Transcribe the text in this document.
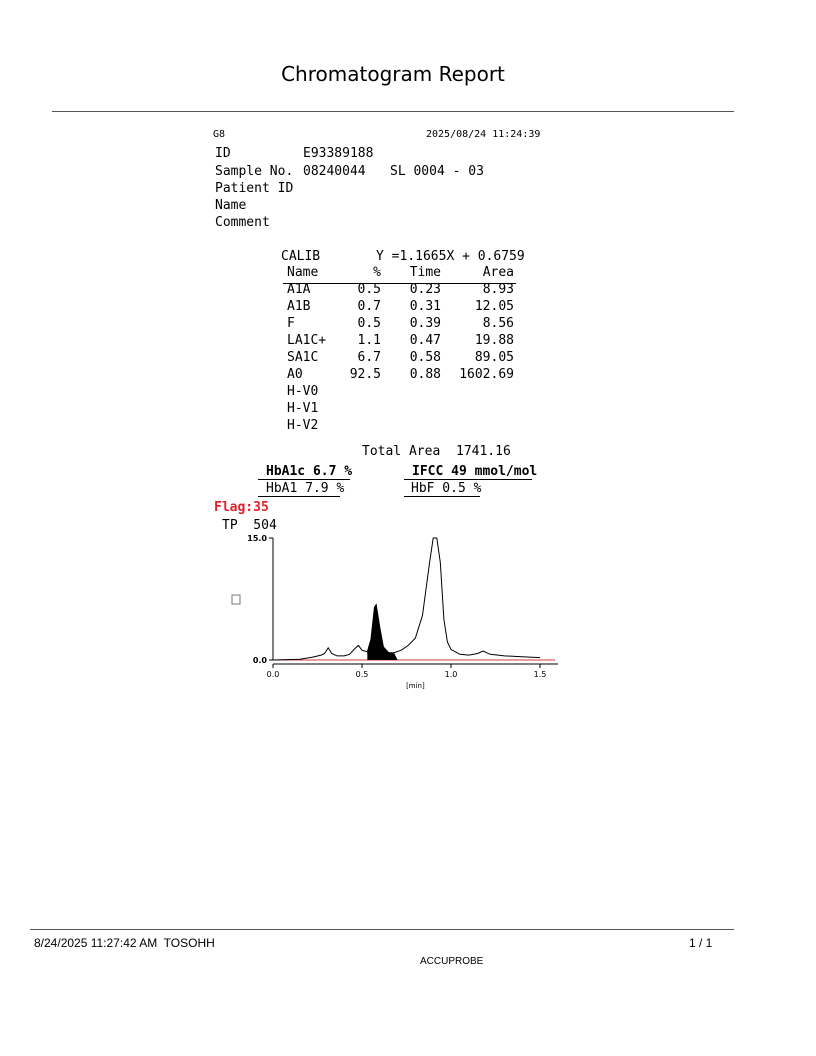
Chromatogram Report
G8	2025/08/24 11:24:39
ID	E93389188
Sample No. 08240044 SL 0004 - 03
Patient ID
Name
Comment
CALIB	Y =1.1665X + 0.6759
Name	%	Time	Area
A1A	0.5	0.23	8.93
A1B	0.7	0.31	12.05
F	0.5	0.39	8.56
LA1C+	1.1	0.47	19.88
SA1C	6.7	0.58	89.05
A0	92.5	0.88	1602.69
H-V0			
H-V1			
H-V2			
Total Area 1741.16
HbA1c 6.7 %	IFCC 49 mmol/mol
HbA1 7.9 %	HbF 0.5 %
Flag:35
TP  504
0.0
15.0
0.0	0.5	1.0	1.5
[min]
8/24/2025 11:27:42 AM  TOSOHH	1 / 1
ACCUPROBE
